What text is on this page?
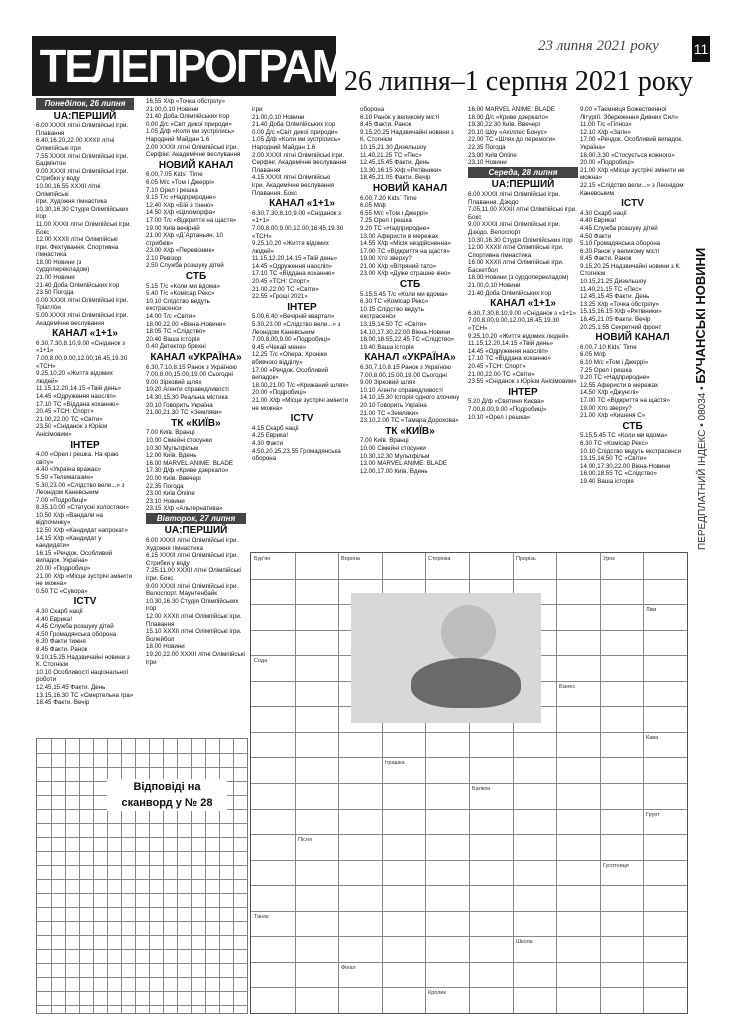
ТЕЛЕПРОГРАМА
26 липня–1 серпня 2021 року
23 липня 2021 року 11
ПЕРЕДПЛАТНИЙ ІНДЕКС • 08034 • БУЧАНСЬКІ НОВИНИ
Понеділок, 26 липня
UA:ПЕРШИЙ
6.00 XXXII літні Олімпійські ігри.
Плавання
6.40,16.20,22.00 XXXII літні
Олімпійські ігри
7.55 XXXII літні Олімпійські ігри.
Бадмінтон
9.00 XXXII літні Олімпійські ігри.
Стрибки у воду
10.00,16.55 XXXII літні Олімпійські
ігри. Художня гімнастика
10.30,16.30 Студія Олімпійських
ігор
11.00 XXXII літні Олімпійські ігри.
Бокс
12.00 XXXII літні Олімпійські
ігри. Фехтування. Спортивна
гімнастика
18.00 Новини (з
сурдоперекладом)
21.00 Новини
21.40 Доба Олімпійських ігор
23.50 Погода
0.00 XXXII літні Олімпійські ігри.
Тріатлон
5.00 XXXII літні Олімпійські ігри.
Академічне веслування
КАНАЛ «1+1»
6.30,7.30,8.10,9.00 «Сніданок з
«1+1»
7.00,8.00,9.00,12.00,16.45,19.30
«ТСН»
9.25,10.20 «Життя відомих людей»
11.15,12.20,14.15 «Твій день»
14.45 «Одруження наосліп»
17.10 ТС «Віддана коханню»
20.45 «ТСН: Спорт»
21.00,22.00 ТС «Світи»
23.50 «Сніданок з Юрієм Анісімовим»
ІНТЕР
4.00 «Орел і решка. На краю світу»
4.40 «Україна вражає»
5.50 «Телемагазин»
5.30,23.00 «Слідство вели...» з Леонідом Каневським
7.00 «Подробиці»
8.35,10.00 «Статусні холостяки»
10.50 Х/ф «Вандали на відпочинку»
12.50 Х/ф «Кандидат напрокат»
14.15 Х/ф «Кандидат у кандидати»
16.15 «Речдок. Особливий випадок. Україна»
20.00 «Подробиці»
21.00 Х/ф «Місце зустрічі змінити не можна»
0.50 ТС «Сувора»
ICTV
4.30 Скарб нації
4.40 Еврика!
4.45 Служба розшуку дітей
4.50 Громадянська оборона
6.30 Факти тижня
8.45 Факти. Ранок
9.10,15.25 Надзвичайні новини з К. Стогнієм
10.10 Особливості національної роботи
12.45,15.45 Факти. День
13.15,16.30 ТС «Смертельна гра»
18.45 Факти. Вечір
16.55 Х/ф «Точка обстрілу»
21.00,0.10 Новини
21.40 Доба Олімпійських ігор
0.00 Д/с «Світ дикої природи»
1.05 Д/ф «Коли ми зустрілись»
Народний Майдан 1.6
2.00 XXXII літні Олімпійські ігри.
Серфінг. Академічне веслування
НОВИЙ КАНАЛ
6.00,7.05 Kids` Time
6.05 М/с «Том і Джеррі»
7.10 Орел і решка
9.15 Т/с «Надприродне»
12.40 Х/ф «Бій з тінню»
14.50 Х/ф «Ціломорфа»
17.00 Т/с «Відкриття на щастя»
19.00 Київ вечірній
21.00 Х/ф «Д`Артаньян, 10 стрибків»
23.00 Х/ф «Перевізник»
2.10 Ревізор
2.50 Служба розшуку дітей
СТБ
5.15 Т/с «Коли ми вдома»
5.40 Т/с «Комісар Рекс»
10.10 Слідство ведуть екстрасенси
14.00 Т/с «Світи»
18.00,22.00 «Вікна-Новини»
18.05 ТС «Слідство»
20.40 Ваша історія
0.40 Детектор брехні
КАНАЛ «УКРАЇНА»
6.30,7.10,8.15 Ранок з Україною
7.00,8.00,15.00,19.00 Сьогодні
9.00 Зірковий шлях
10.20 Агенти справедливості
14.30,15.30 Реальна містика
20.10 Говорить Україна
21.00,21.30 ТС «Земляки»
ТК «КИЇВ»
7.00 Київ. Вранці
10.00 Сімейні стосунки
10.30 Мультфільм
12.00 Київ. Вдень
16.00 MARVEL ANIME: BLADE
17.30 Д/ф «Криве дзеркало»
20.00 Київ. Ввечері
22.35 Погода
23.00 Київ Online
23.10 Новини
23.15 Х/ф «Альтернатива»
Вівторок, 27 липня
UA:ПЕРШИЙ
6.00 XXXII літні Олімпійські ігри.
Художня гімнастика
6.15 XXXII літні Олімпійські ігри.
Стрибки у воду
7.25,11.00 XXXII літні Олімпійські ігри. Бокс
9.00 XXXII літні Олімпійські ігри.
Велоспорт. Маунтенбайк
10.30,16.30 Студія Олімпійських ігор
12.00 XXXII літні Олімпійські ігри.
Плавання
15.10 XXXII літні Олімпійські ігри.
Волейбол
18.00 Новини
19.20,22.00 XXXII літні Олімпійські ігри
ігри
21.00,0.10 Новини
21.40 Доба Олімпійських ігор
0.00 Д/с «Світ дикої природи»
1.05 Д/ф «Коли ми зустрілись»
Народний Майдан 1.6
2.00 XXXII літні Олімпійські ігри.
Серфінг. Академічне веслування
Плавання
4.15 XXXII літні Олімпійські
ігри. Академічне веслування
Плавання. Бокс
КАНАЛ «1+1»
6.30,7.30,8.10,9.00 «Сніданок з «1+1»
7.00,8.00,9.00,12.00,16.45,19.30 «ТСН»
9.25,10.20 «Життя відомих людей»
11.15,12.20,14.15 «Твій день»
14.45 «Одруження наосліп»
17.10 ТС «Віддана коханню»
20.45 «ТСН: Спорт»
21.00,22.00 ТС «Світи»
22.55 «Гроші 2021»
ІНТЕР
5.00,6.40 «Вечірній квартал»
5.30,23.00 «Слідство вели...» з Леонідом Каневським
7.00,8.00,9.00 «Подробиці»
9.45 «Чекай мене»
12.25 Т/с «Опера. Хроніки вбивчого відділу»
17.00 «Речдок. Особливий випадок»
18.00,21.00 Т/с «Крижаний шлях»
20.00 «Подробиці»
21.00 Х/ф «Місце зустрічі змінити не можна»
ICTV
4.15 Скарб нації
4.25 Еврика!
4.30 Факти
4.50,20.25,23.55 Громадянська оборона
оборона
6.10 Ранок у великому місті
8.45 Факти. Ранок
9.15,20.25 Надзвичайні новини з К. Стогнієм
10.15,21.30 Дизельшоу
11.40,21.25 ТС «Пес»
12.45,15.45 Факти. День
13.30,16.15 Х/ф «Рятівники»
18.45,21.05 Факти. Вечір
НОВИЙ КАНАЛ
6.00,7.20 Kids` Time
6.05 М/ф
6.55 М/с «Том і Джеррі»
7.25 Орел і решка
9.20 ТС «Надприродне»
13.00 Аферисти в мережах
14.55 Х/ф «Місія нездійсненна»
17.00 ТС «Відкриття на щастя»
19.00 Хто зверху?
21.00 Х/ф «Вітряний тато»
23.00 Х/ф «Дуже страшне кіно»
СТБ
5.15,5.45 Т/с «Коли ми вдома»
6.30 ТС «Комісар Рекс»
10.15 Слідство ведуть екстрасенси
13.15,14.50 ТС «Світи»
14.10,17.30,22.00 Вікна-Новини
18.00,18.55,22.45 ТС «Слідство»
19.40 Ваша історія
КАНАЛ «УКРАЇНА»
6.30,7.10,8.15 Ранок з Україною
7.00,8.00,15.00,19.00 Сьогодні
9.00 Зірковий шлях
10.10 Агенти справедливості
14.10,15.30 Історія одного злочину
20.10 Говорить Україна
21.00 ТС «Земляки»
23.10,2.00 ТС «Тамара Дорохова»
ТК «КИЇВ»
7.00 Київ. Вранці
10.00 Сімейні стосунки
10.30,12.30 Мультфільм
13.00 MARVEL ANIME: BLADE
12.00,17.00 Київ. Вдень
16.00 MARVEL ANIME: BLADE
18.00 Д/с «Криве дзеркало»
19.30,22.30 Київ. Ввечері
20.10 Шоу «Ахіллес Бонус»
22.00 ТС «Шлях до перемоги»
22.35 Погода
23.00 Київ Online
23.10 Новини
Середа, 28 липня
UA:ПЕРШИЙ
6.00 XXXII літні Олімпійські ігри.
Плавання. Дзюдо
7.05,11.00 XXXII літні Олімпійські ігри. Бокс
9.00 XXXII літні Олімпійські ігри. Дзюдо. Велоспорт
10.30,16.30 Студія Олімпійських ігор
12.00 XXXII літні Олімпійські ігри.
Спортивна гімнастика
16.00 XXXII літні Олімпійські ігри.
Баскетбол
18.00 Новини (з сурдоперекладом)
21.00,0.10 Новини
21.40 Доба Олімпійських ігор
КАНАЛ «1+1»
6.30,7.30,8.10,9.00 «Сніданок з «1+1»
7.00,8.00,9.00,12.00,16.45,19.30
«ТСН»
9.25,10.20 «Життя відомих людей»
11.15,12.20,14.15 «Твій день»
14.45 «Одруження наосліп»
17.10 ТС «Віддана коханню»
20.45 «ТСН: Спорт»
21.00,22.00 ТС «Світи»
23.55 «Сніданок з Юрієм Анісімовим»
ІНТЕР
5.20 Д/ф «Святиня Києва»
7.00,8.00,9.00 «Подробиці»
10.10 «Орел і решка»
9.00 «Таємниця Божественної Літургії. Збереження Дивних Сил»
11.00 Т/с «Гіпноз»
12.10 Х/ф «Загін»
17.00 «Речдок. Особливий випадок. Україна»
18.00,3.30 «Стосується кожного»
20.00 «Подробиці»
21.00 Х/ф «Місце зустрічі змінити не можна»
22.15 «Слідство вели...» з Леонідом Каневським
ICTV
4.30 Скарб нації
4.40 Еврика!
4.45 Служба розшуку дітей
4.50 Факти
5.10 Громадянська оборона
6.30 Ранок у великому місті
8.45 Факти. Ранок
9.15,20.25 Надзвичайні новини з К. Стогнієм
10.15,21.25 Дизельшоу
11.40,21.15 ТС «Пес»
12.45,15.45 Факти. День
13.25 Х/ф «Точка обстрілу»
15.15,16.15 Х/ф «Рятівники»
18.45,21.05 Факти. Вечір
20.25,1.55 Секретний фронт
НОВИЙ КАНАЛ
6.00,7.10 Kids` Time
6.05 М/ф
6.10 М/с «Том і Джеррі»
7.25 Орел і решка
9.20 ТС «Надприродне»
12.55 Аферисти в мережах
14.50 Х/ф «Джунглі»
17.00 ТС «Відкриття на щастя»
19.00 Хто зверху?
21.00 Х/ф «Кишеня С»
СТБ
5.15,5.45 ТС «Коли ми вдома»
6.30 ТС «Комісар Рекс»
10.10 Слідство ведуть екстрасенси
13.15,14.50 ТС «Світи»
14.00,17.30,22.00 Вікна-Новини
16.00,18.55 ТС «Слідство»
19.40 Ваша історія
Відповіді на сканворд у № 28
Бур'ян	Ворона	Сторінка	Прорізь	Урок
Ліки
Сода
Бізнес
Іграшка
Балкон
Кава
Пісня
Гусятниця
Танок
Школа
Фінал
Кролик
Грунт
